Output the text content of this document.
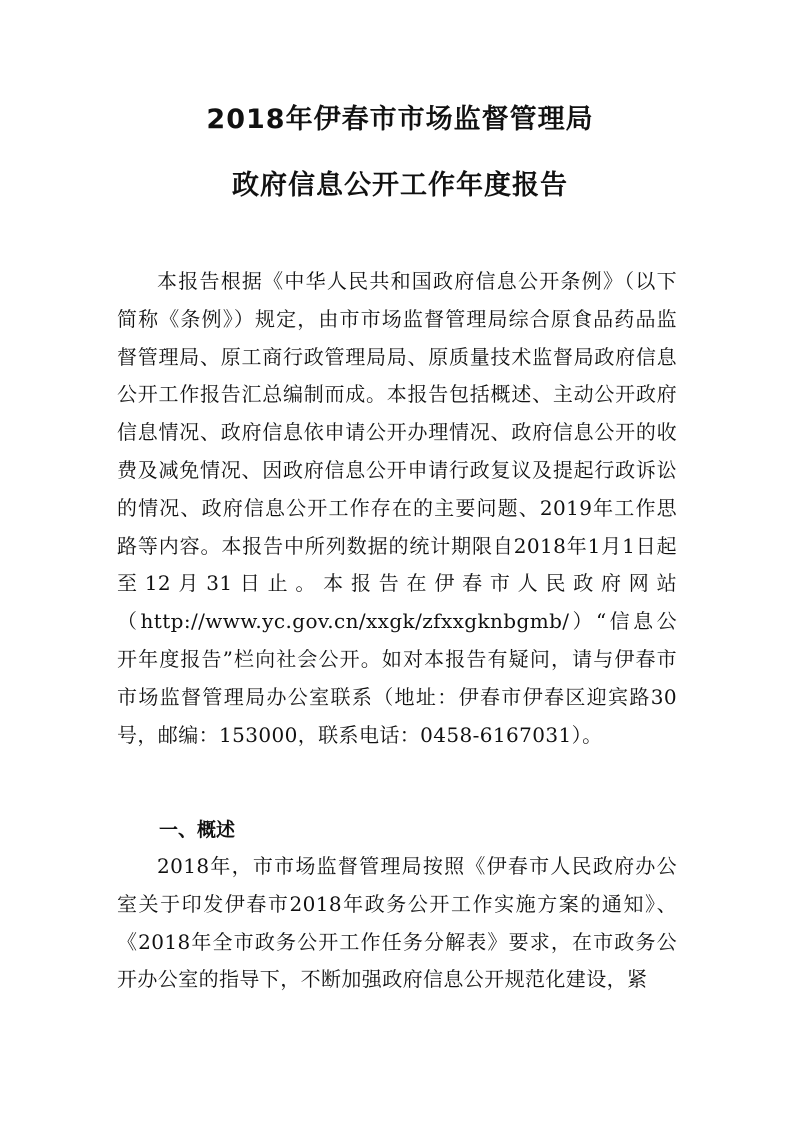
2018年伊春市市场监督管理局
政府信息公开工作年度报告

本报告根据《中华人民共和国政府信息公开条例》（以下简称《条例》）规定，由市市场监督管理局综合原食品药品监督管理局、原工商行政管理局局、原质量技术监督局政府信息公开工作报告汇总编制而成。本报告包括概述、主动公开政府信息情况、政府信息依申请公开办理情况、政府信息公开的收费及减免情况、因政府信息公开申请行政复议及提起行政诉讼的情况、政府信息公开工作存在的主要问题、2019年工作思路等内容。本报告中所列数据的统计期限自2018年1月1日起至12月31日止。本报告在伊春市人民政府网站（http://www.yc.gov.cn/xxgk/zfxxgknbgmb/）“信息公开年度报告”栏向社会公开。如对本报告有疑问，请与伊春市市场监督管理局办公室联系（地址：伊春市伊春区迎宾路30号，邮编：153000，联系电话：0458-6167031）。

一、概述

2018年，市市场监督管理局按照《伊春市人民政府办公室关于印发伊春市2018年政务公开工作实施方案的通知》、《2018年全市政务公开工作任务分解表》要求，在市政务公开办公室的指导下，不断加强政府信息公开规范化建设，紧
